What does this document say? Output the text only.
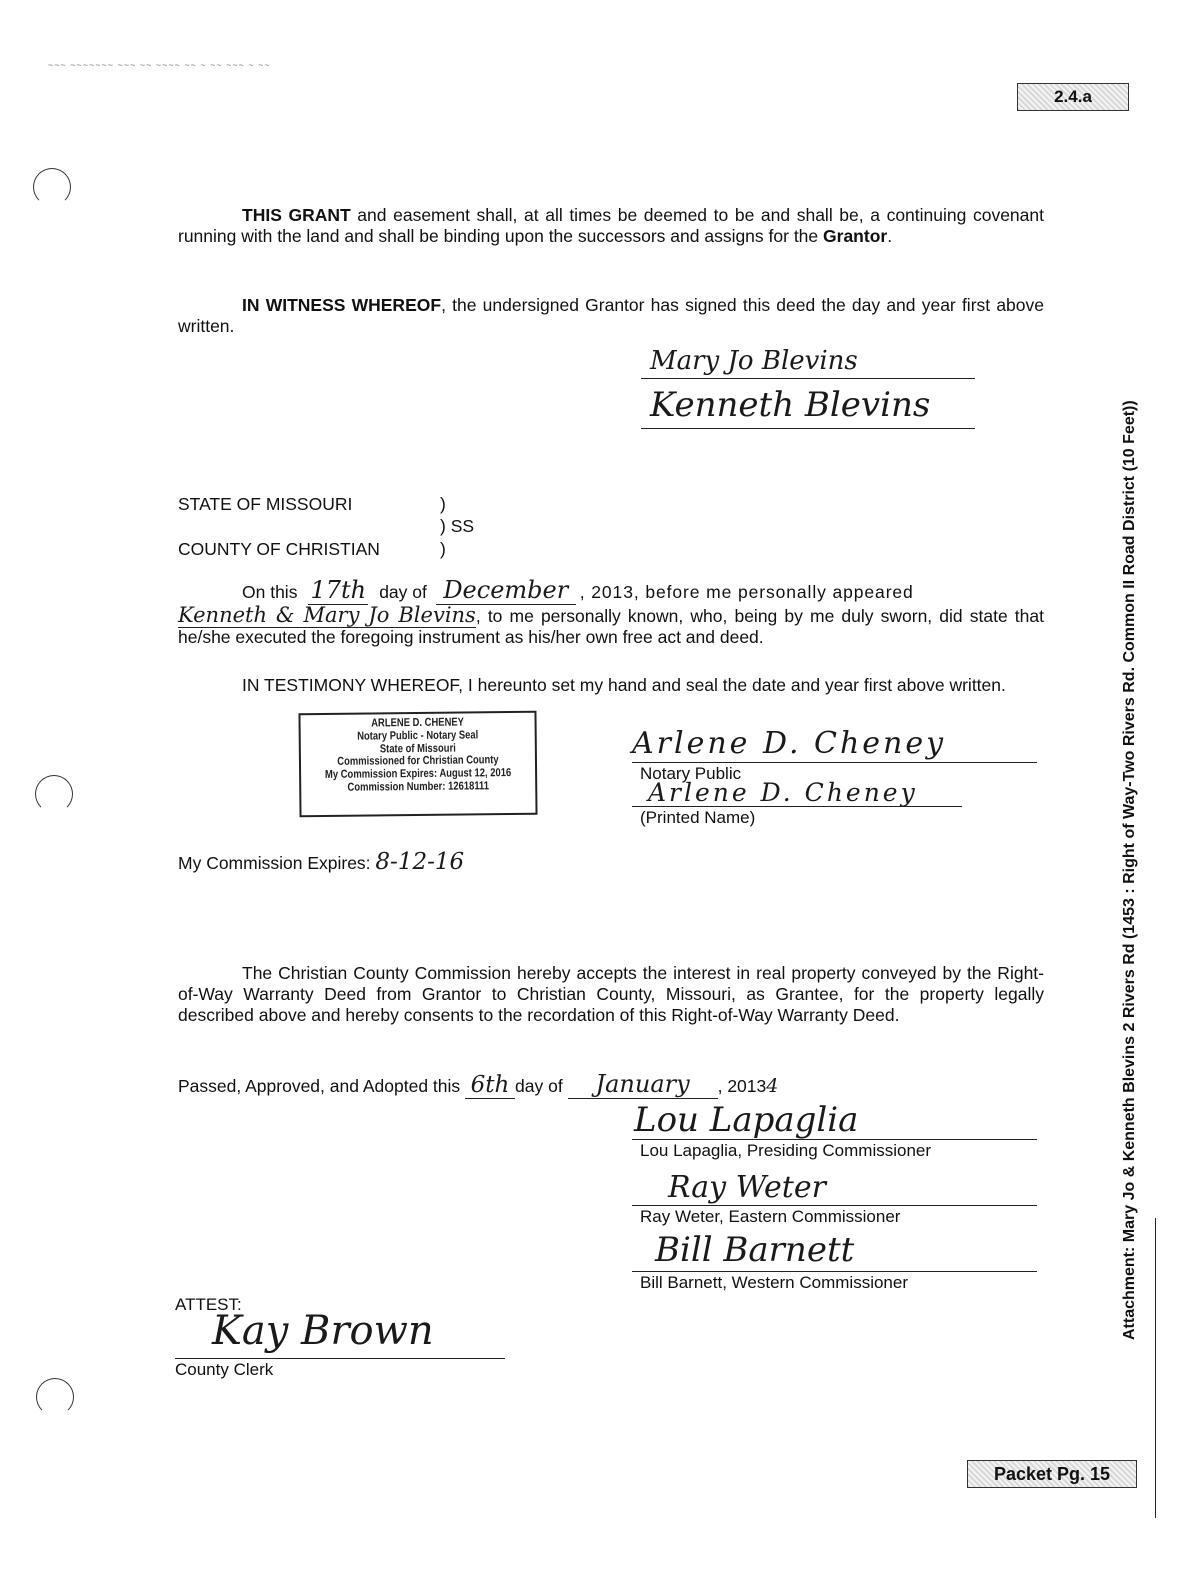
~~~ ~~~~~~~ ~~~ ~~ ~~~~ ~~ ~ ~~ ~~~ ~ ~~
2.4.a
THIS GRANT and easement shall, at all times be deemed to be and shall be, a continuing covenant running with the land and shall be binding upon the successors and assigns for the Grantor.
IN WITNESS WHEREOF, the undersigned Grantor has signed this deed the day and year first above written.
Mary Jo Blevins
Kenneth Blevins
STATE OF MISSOURI	)
) SS
COUNTY OF CHRISTIAN	)
On this 17th day of December , 2013, before me personally appeared
Kenneth & Mary Jo Blevins, to me personally known, who, being by me duly sworn, did state that he/she executed the foregoing instrument as his/her own free act and deed.
IN TESTIMONY WHEREOF, I hereunto set my hand and seal the date and year first above written.
ARLENE D. CHENEY
Notary Public - Notary Seal
State of Missouri
Commissioned for Christian County
My Commission Expires: August 12, 2016
Commission Number: 12618111
Arlene D. Cheney
Notary Public
Arlene D. Cheney
(Printed Name)
My Commission Expires: 8-12-16
The Christian County Commission hereby accepts the interest in real property conveyed by the Right-of-Way Warranty Deed from Grantor to Christian County, Missouri, as Grantee, for the property legally described above and hereby consents to the recordation of this Right-of-Way Warranty Deed.
Passed, Approved, and Adopted this 6th day of January , 20134
Lou Lapaglia
Lou Lapaglia, Presiding Commissioner
Ray Weter
Ray Weter, Eastern Commissioner
Bill Barnett
Bill Barnett, Western Commissioner
ATTEST:
Kay Brown
County Clerk
Attachment: Mary Jo & Kenneth Blevins 2 Rivers Rd (1453 : Right of Way-Two Rivers Rd. Common II Road District (10 Feet))
Packet Pg. 15
